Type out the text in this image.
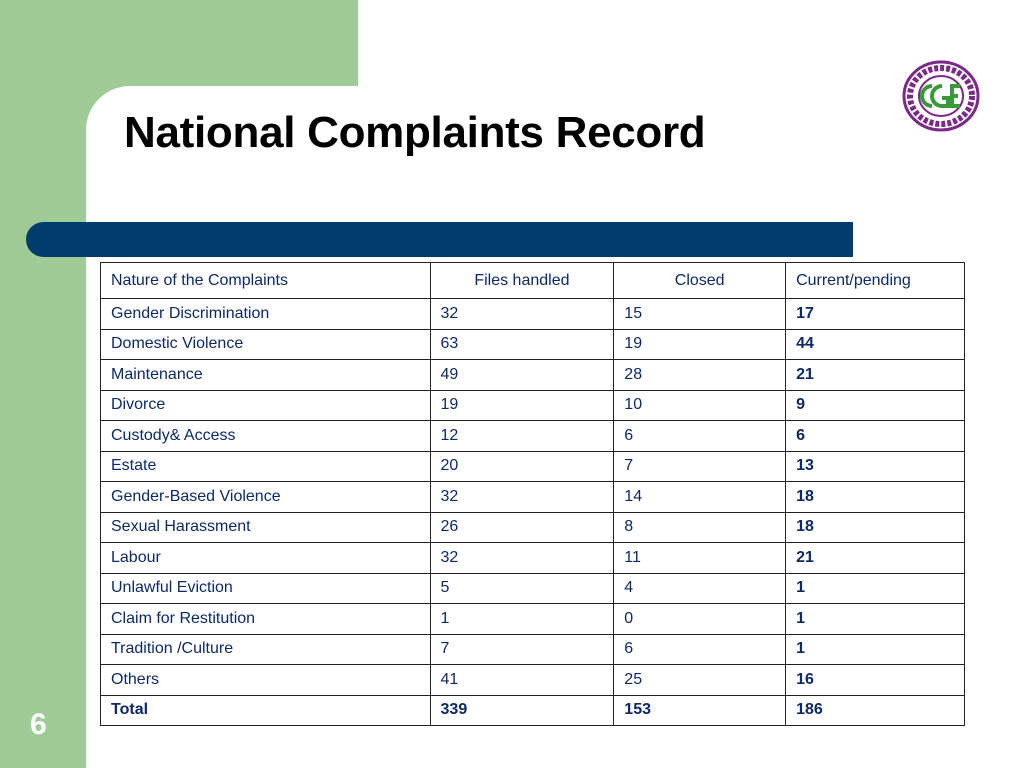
National Complaints Record
6
Nature of the Complaints	Files handled	Closed	Current/pending
Gender Discrimination	32	15	17
Domestic Violence	63	19	44
Maintenance	49	28	21
Divorce	19	10	9
Custody& Access	12	6	6
Estate	20	7	13
Gender-Based Violence	32	14	18
Sexual Harassment	26	8	18
Labour	32	11	21
Unlawful Eviction	5	4	1
Claim for Restitution	1	0	1
Tradition /Culture	7	6	1
Others	41	25	16
Total	339	153	186
